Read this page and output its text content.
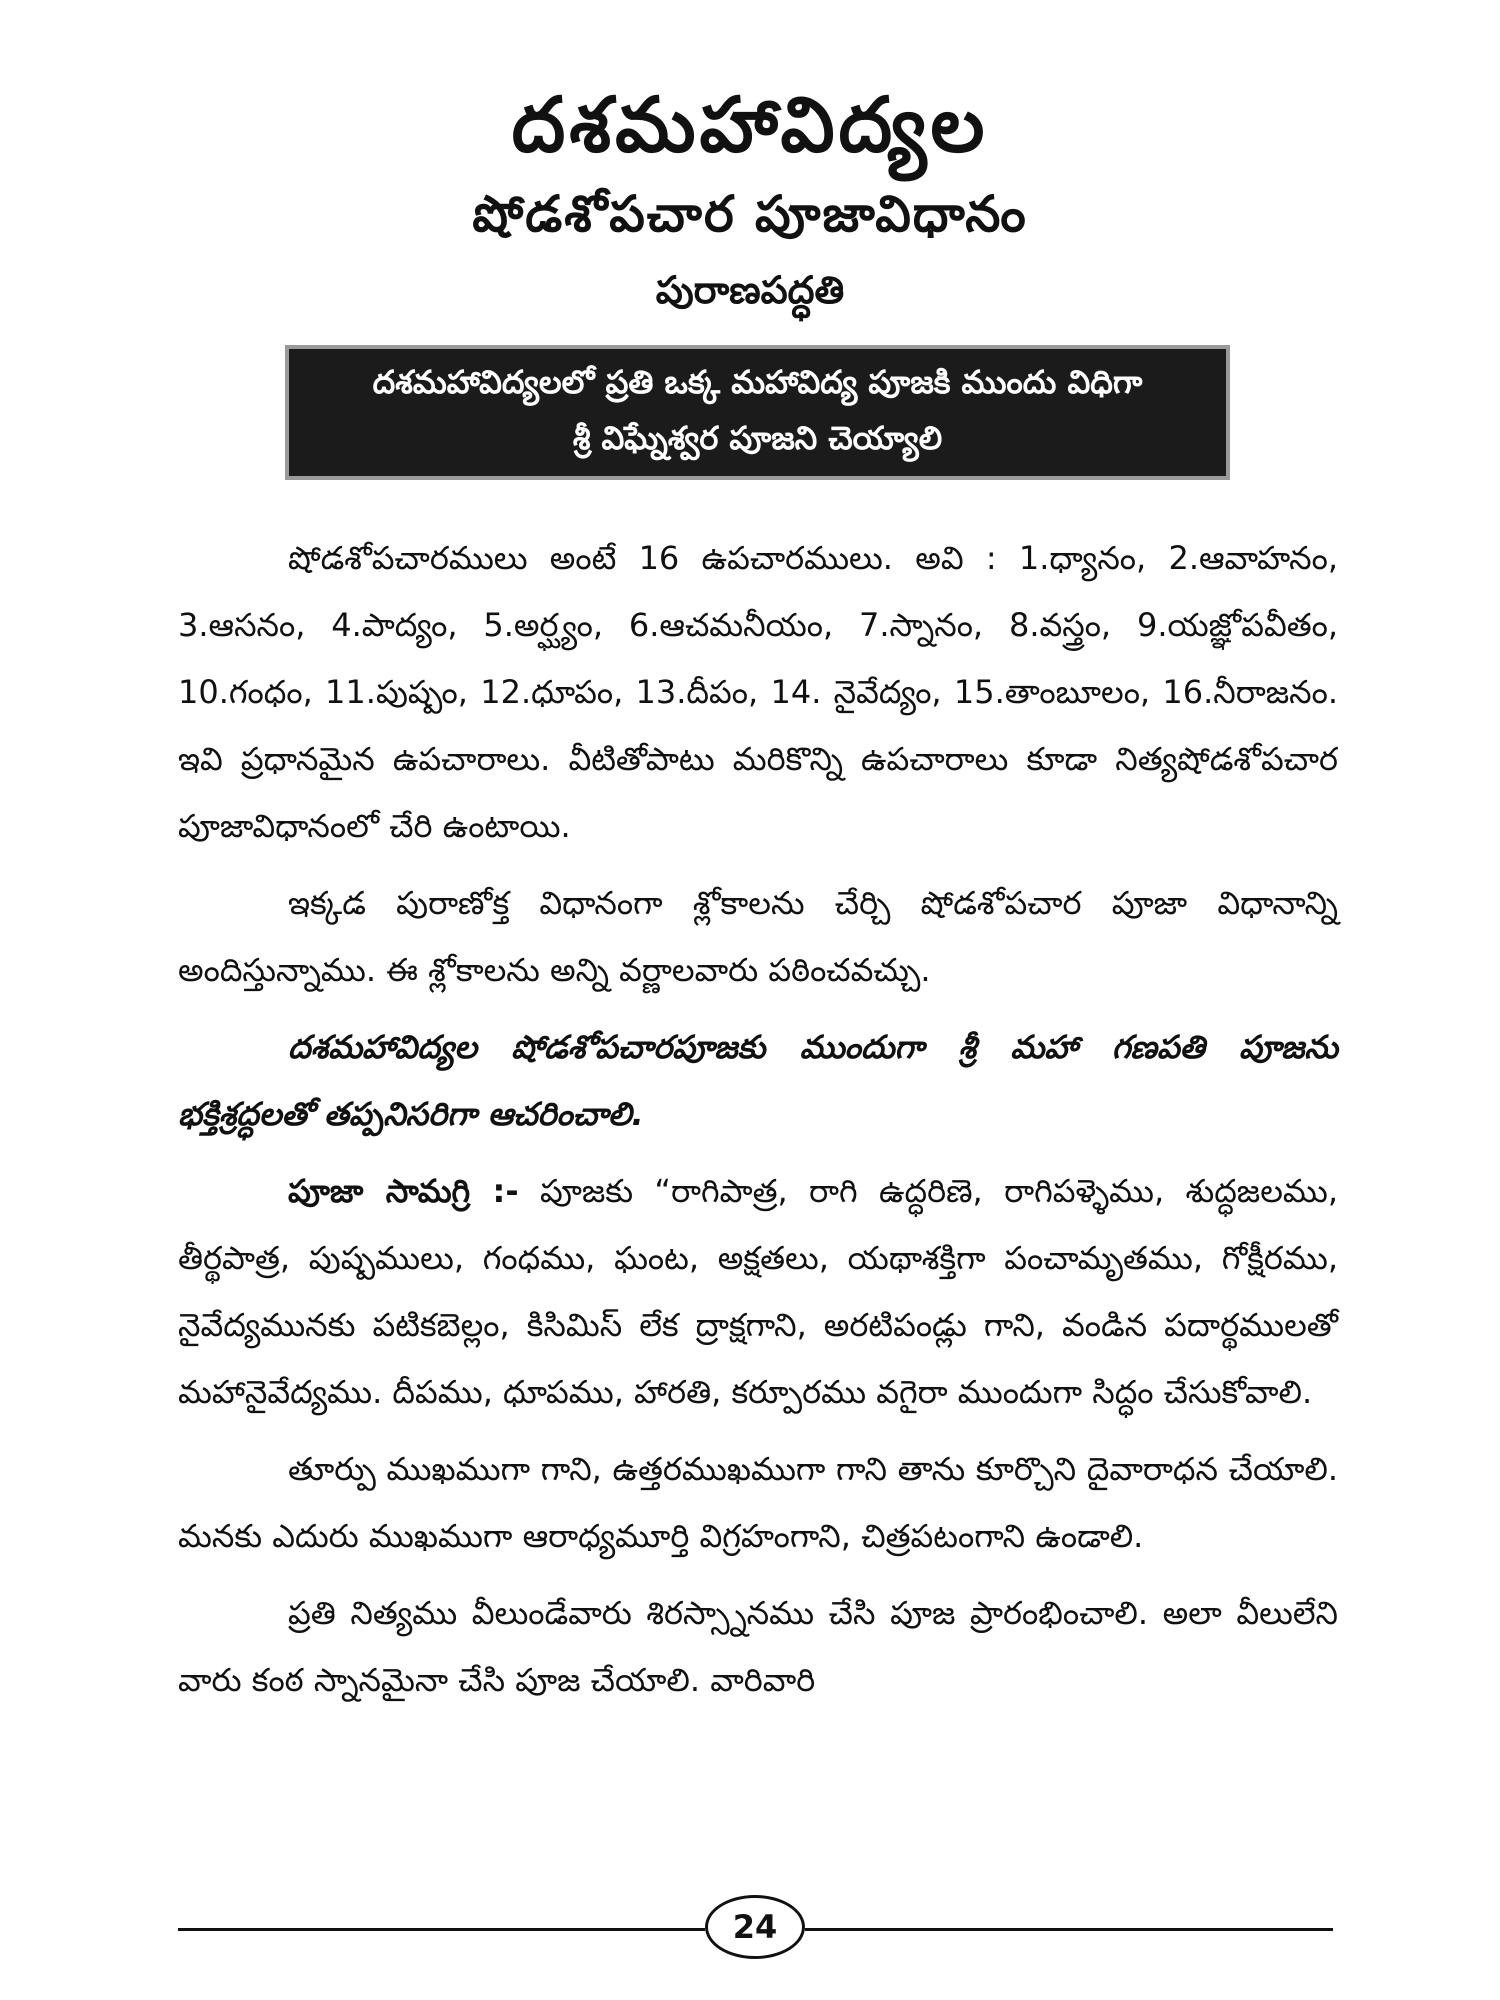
దశమహావిద్యల
షోడశోపచార పూజావిధానం
పురాణపద్ధతి
దశమహావిద్యలలో ప్రతి ఒక్క మహావిద్య పూజకి ముందు విధిగా
శ్రీ విఘ్నేశ్వర పూజని చెయ్యాలి

షోడశోపచారములు అంటే 16 ఉపచారములు. అవి : 1.ధ్యానం, 2.ఆవాహనం, 3.ఆసనం, 4.పాద్యం, 5.అర్ఘ్యం, 6.ఆచమనీయం, 7.స్నానం, 8.వస్త్రం, 9.యజ్ఞోపవీతం, 10.గంధం, 11.పుష్పం, 12.ధూపం, 13.దీపం, 14. నైవేద్యం, 15.తాంబూలం, 16.నీరాజనం. ఇవి ప్రధానమైన ఉపచారాలు. వీటితోపాటు మరికొన్ని ఉపచారాలు కూడా నిత్యషోడశోపచార పూజావిధానంలో చేరి ఉంటాయి.

ఇక్కడ పురాణోక్త విధానంగా శ్లోకాలను చేర్చి షోడశోపచార పూజా విధానాన్ని అందిస్తున్నాము. ఈ శ్లోకాలను అన్ని వర్ణాలవారు పఠించవచ్చు.

దశమహావిద్యల షోడశోపచారపూజకు ముందుగా శ్రీ మహా గణపతి పూజను భక్తిశ్రద్ధలతో తప్పనిసరిగా ఆచరించాలి.

పూజా సామగ్రి :- పూజకు “రాగిపాత్ర, రాగి ఉద్ధరిణె, రాగిపళ్ళెము, శుద్ధజలము, తీర్థపాత్ర, పుష్పములు, గంధము, ఘంట, అక్షతలు, యథాశక్తిగా పంచామృతము, గోక్షీరము, నైవేద్యమునకు పటికబెల్లం, కిసిమిస్ లేక ద్రాక్షగాని, అరటిపండ్లు గాని, వండిన పదార్థములతో మహానైవేద్యము. దీపము, ధూపము, హారతి, కర్పూరము వగైరా ముందుగా సిద్ధం చేసుకోవాలి.

తూర్పు ముఖముగా గాని, ఉత్తరముఖముగా గాని తాను కూర్చొని దైవారాధన చేయాలి. మనకు ఎదురు ముఖముగా ఆరాధ్యమూర్తి విగ్రహంగాని, చిత్రపటంగాని ఉండాలి.

ప్రతి నిత్యము వీలుండేవారు శిరస్స్నానము చేసి పూజ ప్రారంభించాలి. అలా వీలులేని వారు కంఠ స్నానమైనా చేసి పూజ చేయాలి. వారివారి

24
